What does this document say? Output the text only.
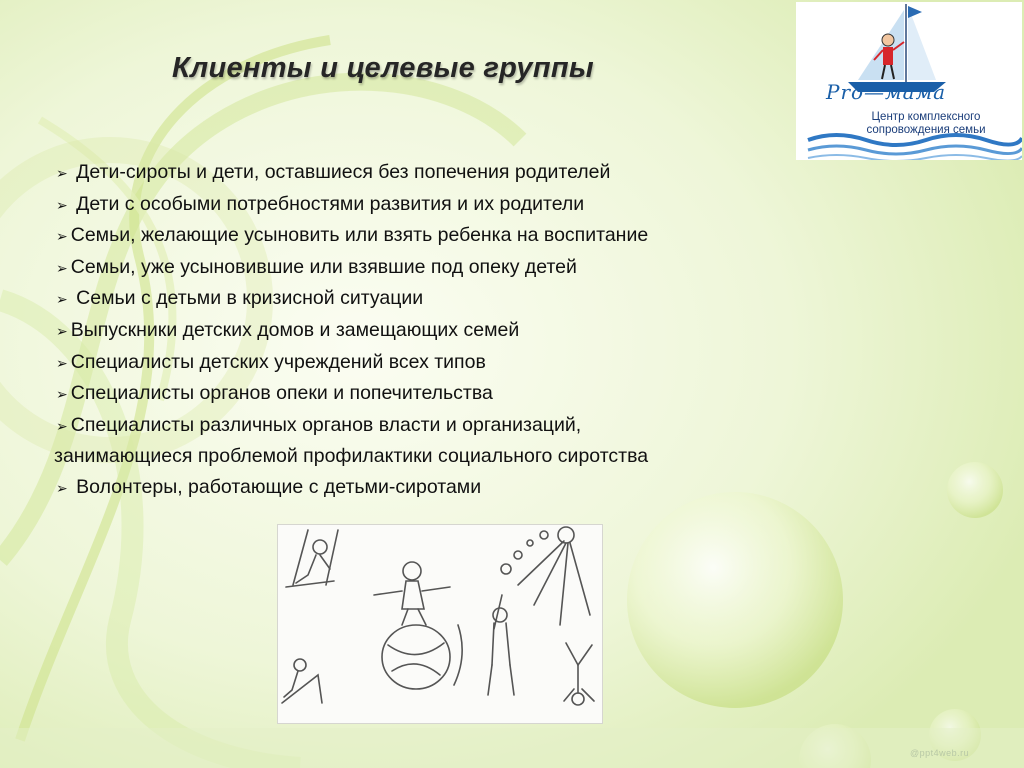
Клиенты и целевые группы
Pro—мама
Центр комплексного
сопровождения семьи
➢ Дети-сироты и дети, оставшиеся без попечения родителей
➢ Дети с особыми потребностями развития и их родители
➢ Семьи, желающие усыновить или взять ребенка на воспитание
➢ Семьи, уже усыновившие или взявшие под опеку детей
➢ Семьи с детьми в кризисной ситуации
➢ Выпускники детских домов и замещающих семей
➢ Специалисты детских учреждений всех типов
➢ Специалисты органов опеки и попечительства
➢ Специалисты различных органов власти и организаций,
занимающиеся проблемой профилактики социального сиротства
➢ Волонтеры, работающие с детьми-сиротами
@ppt4web.ru
